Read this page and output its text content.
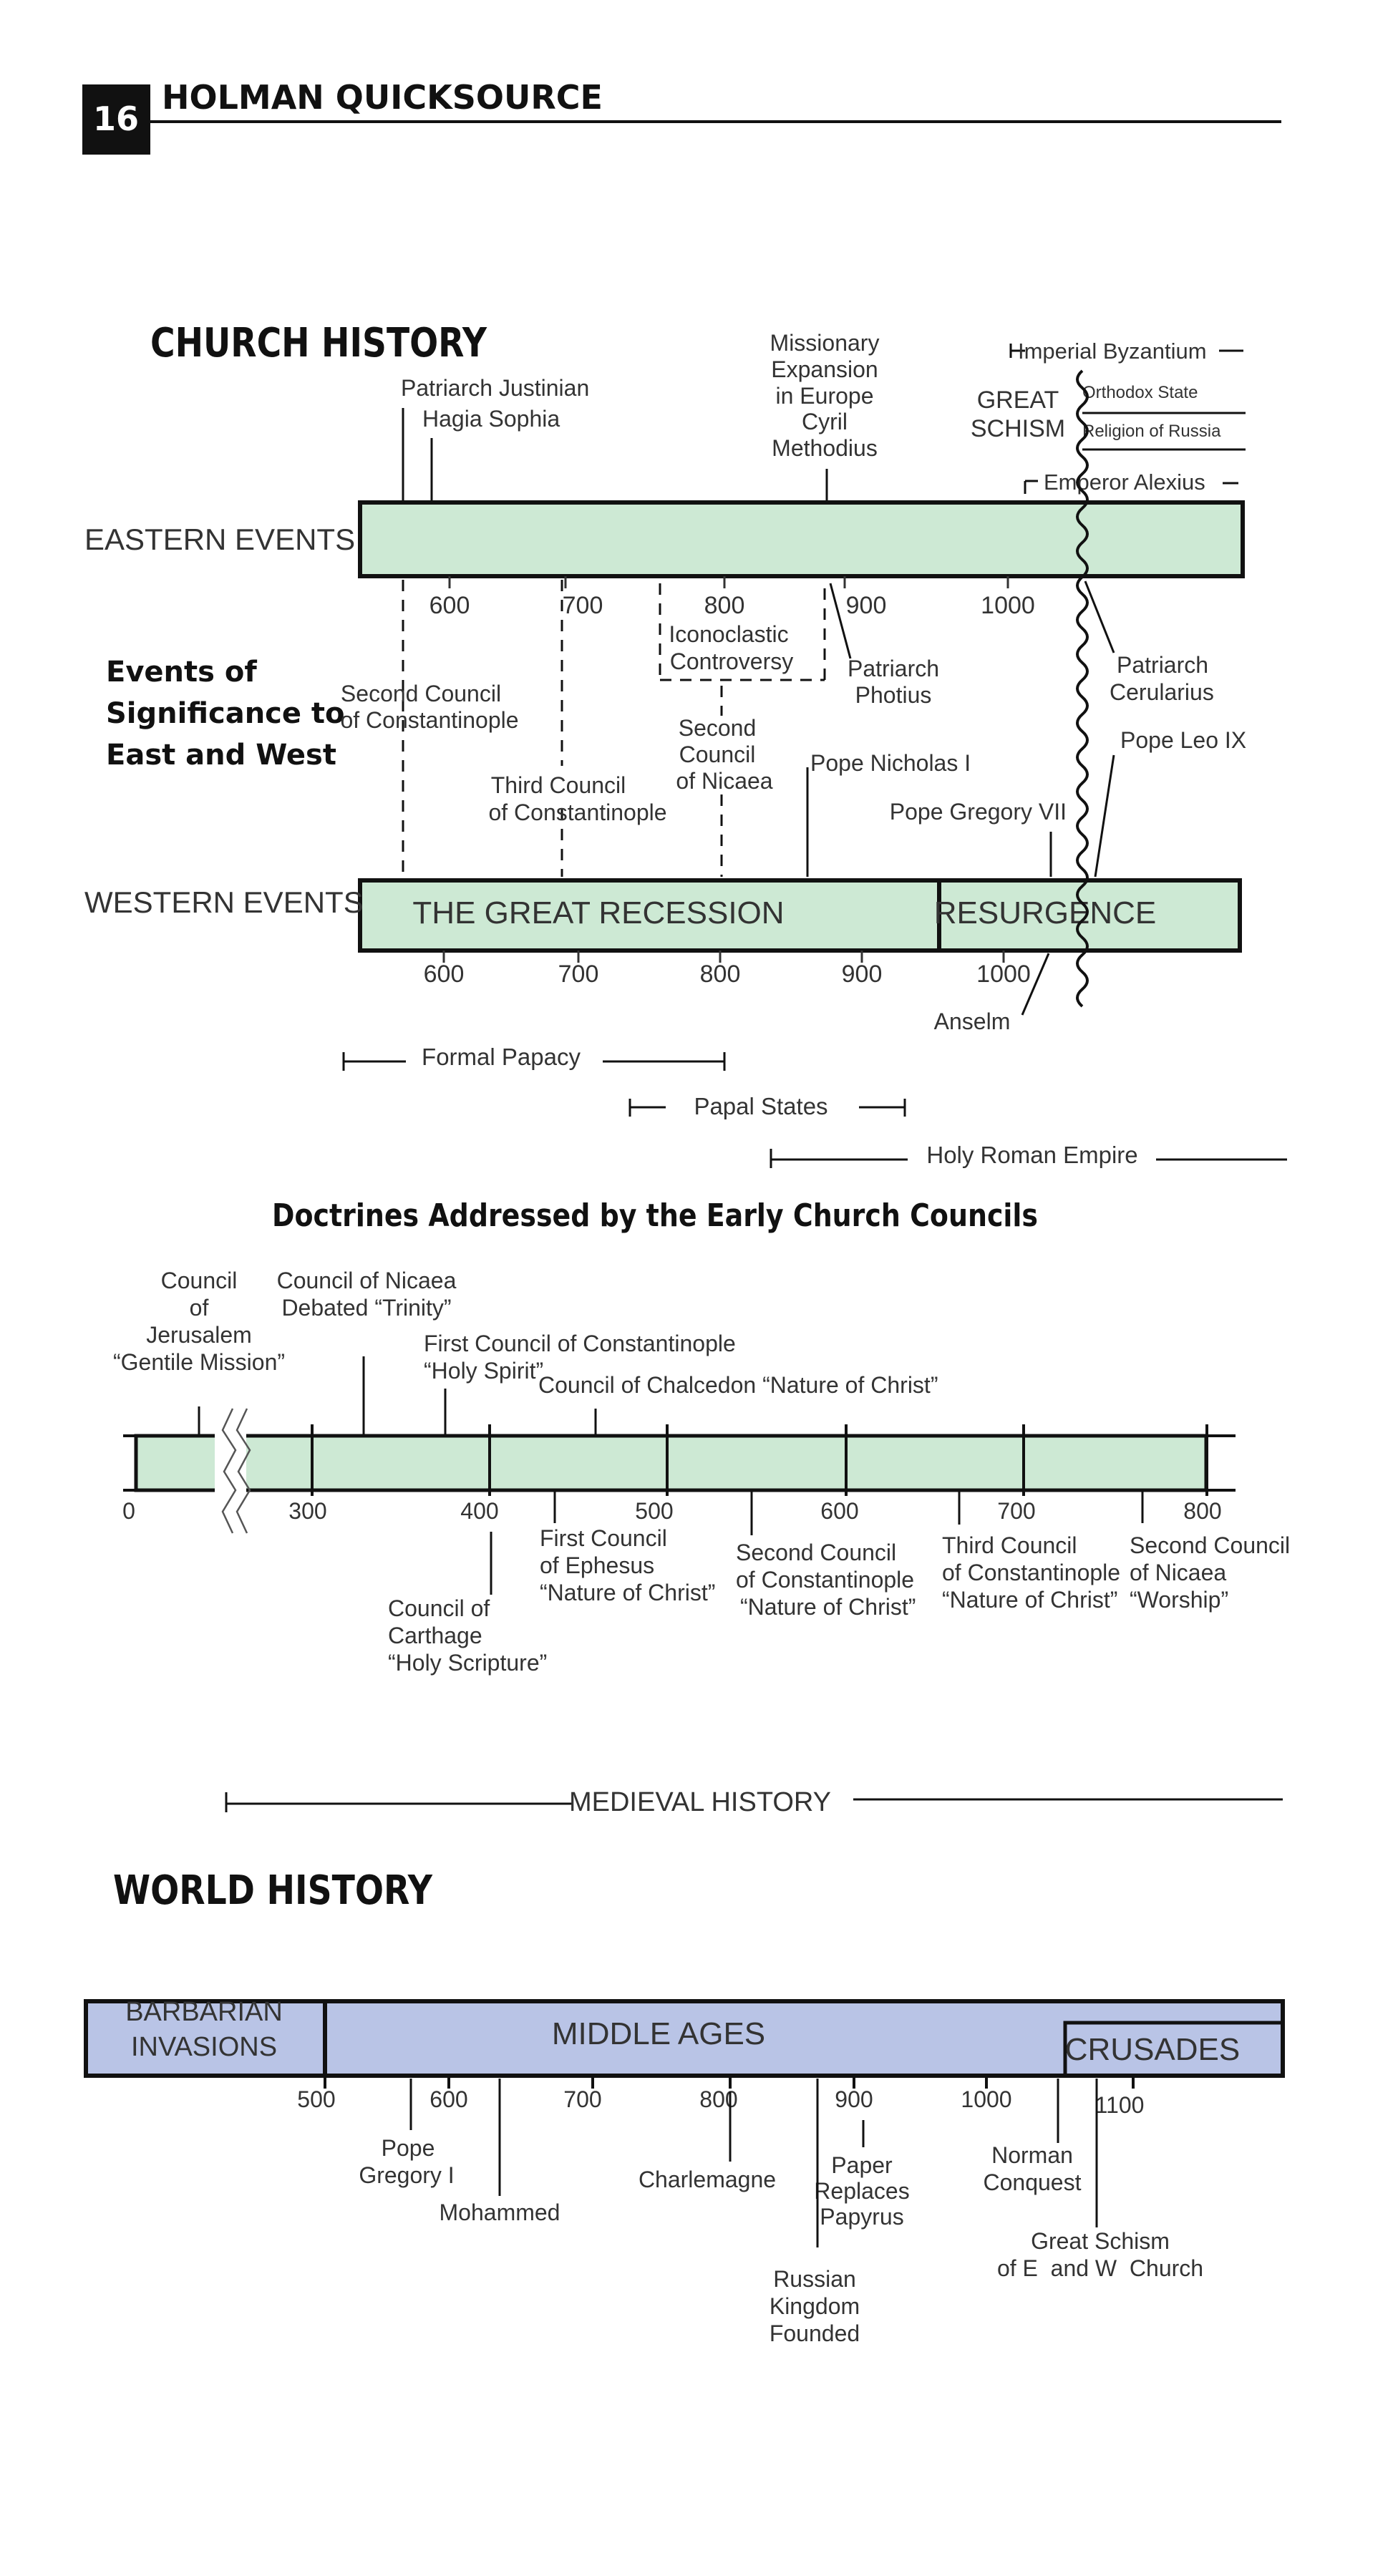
16
HOLMAN QUICKSOURCE
CHURCH HISTORY
EASTERN EVENTS
600	700	800	900	1000
Patriarch Justinian
Hagia Sophia
Missionary
Expansion
in Europe
Cyril
Methodius
Imperial Byzantium
GREAT
SCHISM
Orthodox State
Religion of Russia
Emperor Alexius
Events of
Significance to
East and West
Second Council
of Constantinople
Third Council
of Constantinople
Iconoclastic
Controversy
Second
Council
of Nicaea
Patriarch
Photius
Pope Nicholas I
Pope Gregory VII
Patriarch
Cerularius
Pope Leo IX
WESTERN EVENTS THE GREAT RECESSION	RESURGENCE
600	700	800	900	1000
Anselm
Formal Papacy
Papal States
Holy Roman Empire
Doctrines Addressed by the Early Church Councils
0	300	400	500	600	700	800
Council
of
Jerusalem
“Gentile Mission”
Council of Nicaea
Debated “Trinity”
First Council of Constantinople
“Holy Spirit”
Council of Chalcedon “Nature of Christ”
Council of
Carthage
“Holy Scripture”
First Council
of Ephesus
“Nature of Christ”
Second Council
of Constantinople
“Nature of Christ”
Third Council
of Constantinople
“Nature of Christ”
Second Council
of Nicaea
“Worship”
MEDIEVAL HISTORY
WORLD HISTORY
BARBARIAN
INVASIONS	MIDDLE AGES	CRUSADES
500	600	700	800	900	1000	1100
Pope
Gregory I
Mohammed
Charlemagne
Paper
Replaces
Papyrus
Russian
Kingdom
Founded
Norman
Conquest
Great Schism
of E  and W  Church
